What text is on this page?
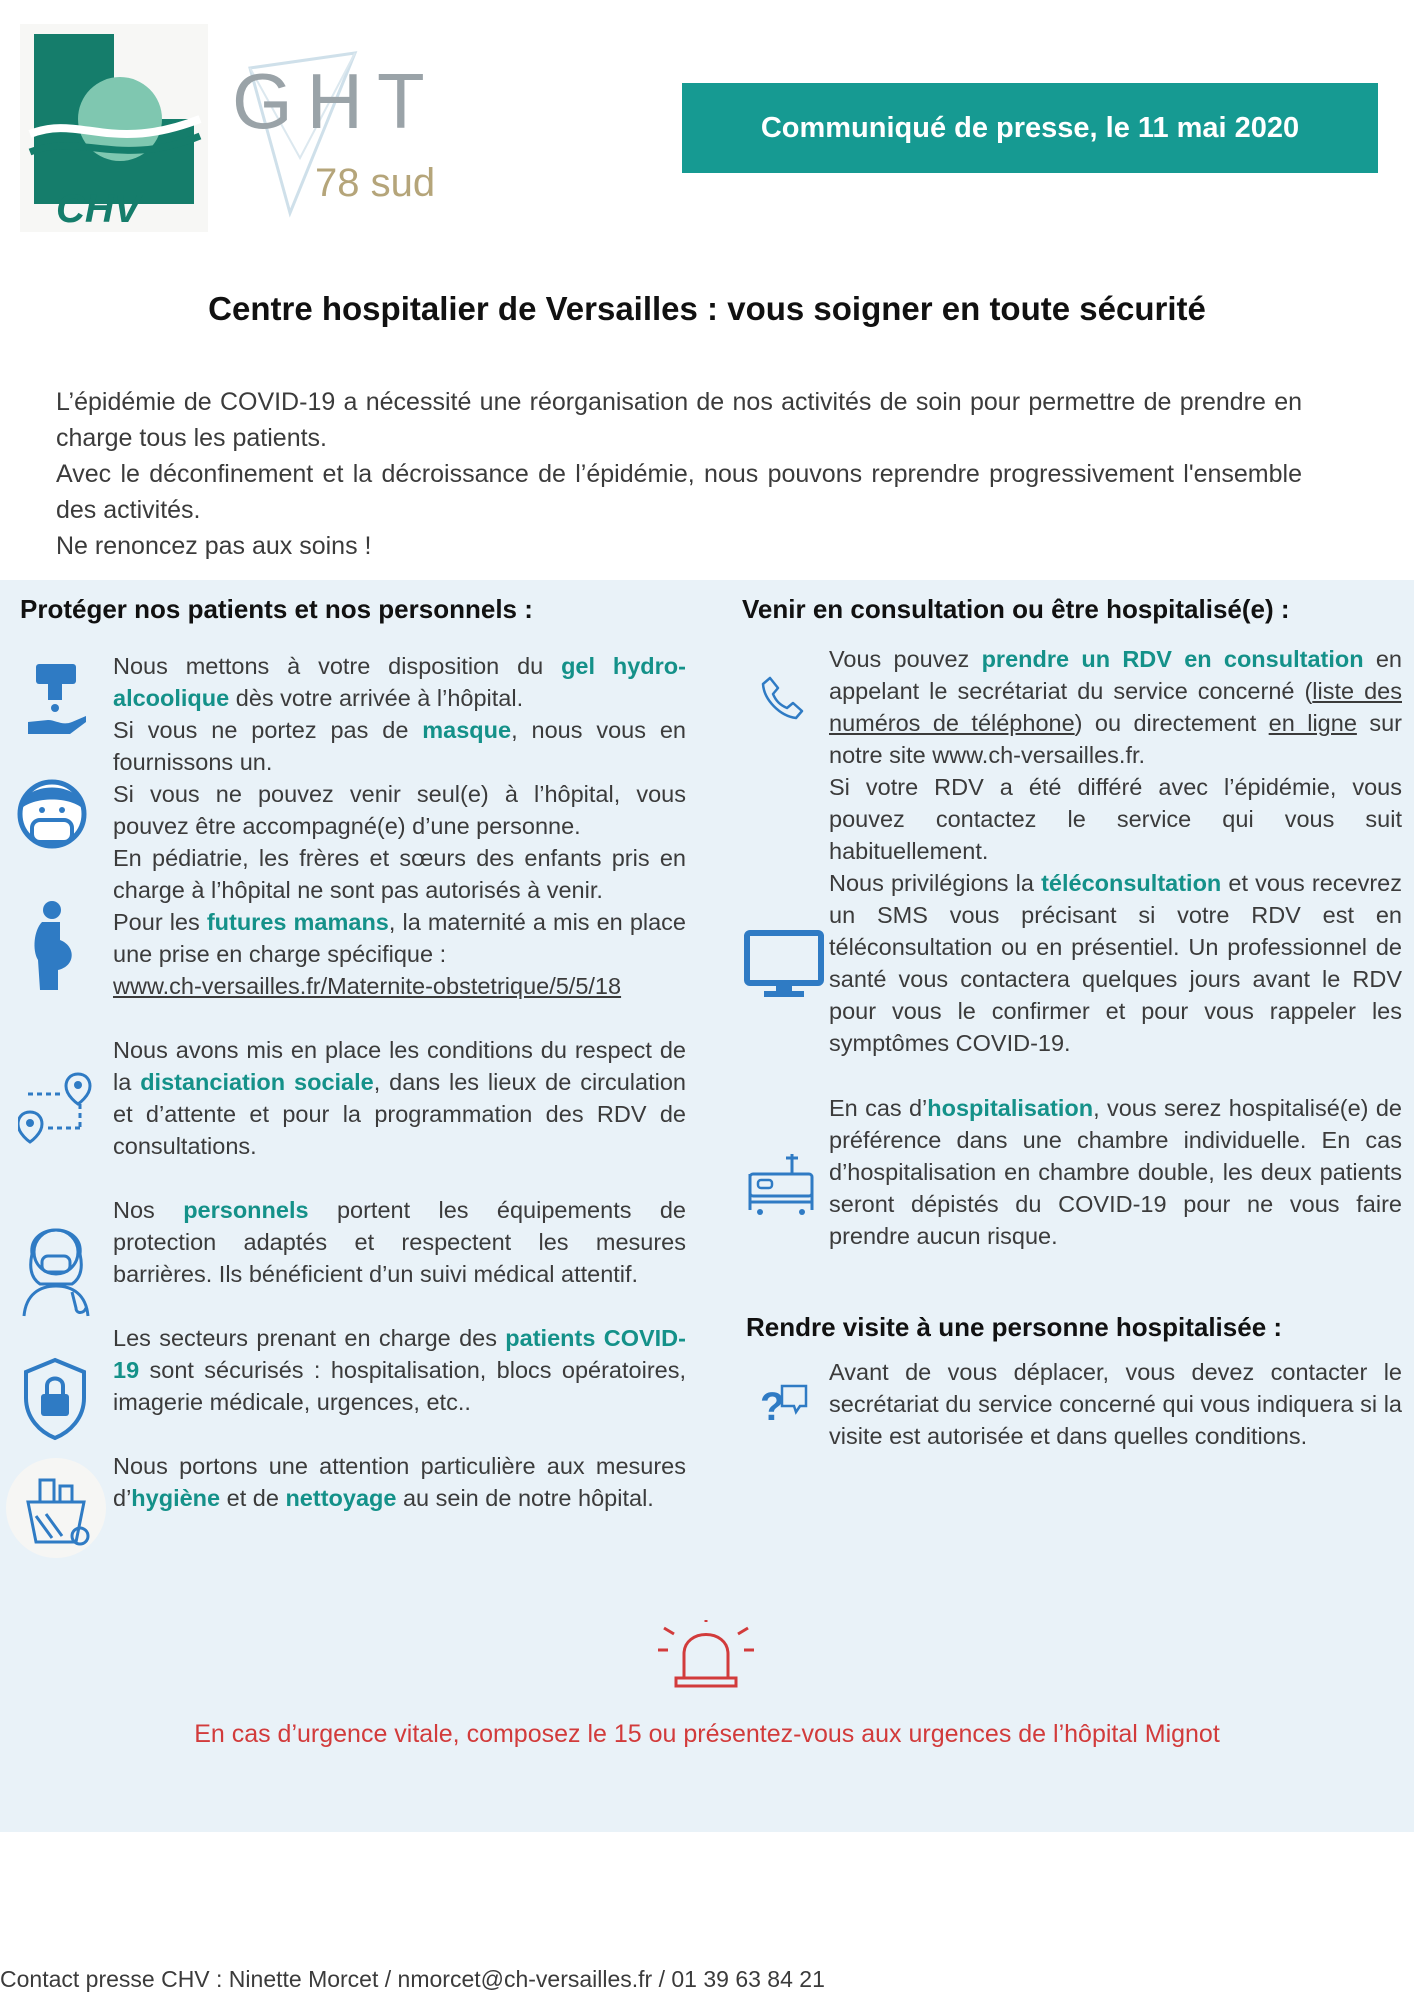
CHV
GHT
78 sud
Communiqué de presse, le 11 mai 2020
Centre hospitalier de Versailles : vous soigner en toute sécurité

L’épidémie de COVID-19 a nécessité une réorganisation de nos activités de soin pour permettre de prendre en charge tous les patients.

Avec le déconfinement et la décroissance de l’épidémie, nous pouvons reprendre progressivement l'ensemble des activités.

Ne renoncez pas aux soins !

Protéger nos patients et nos personnels :

Nous mettons à votre disposition du gel hydro-alcoolique dès votre arrivée à l’hôpital.

Si vous ne portez pas de masque, nous vous en fournissons un.

Si vous ne pouvez venir seul(e) à l’hôpital, vous pouvez être accompagné(e) d’une personne.

En pédiatrie, les frères et sœurs des enfants pris en charge à l’hôpital ne sont pas autorisés à venir.

Pour les futures mamans, la maternité a mis en place une prise en charge spécifique :

www.ch-versailles.fr/Maternite-obstetrique/5/5/18

Nous avons mis en place les conditions du respect de la distanciation sociale, dans les lieux de circulation et d’attente et pour la programmation des RDV de consultations.

Nos personnels portent les équipements de protection adaptés et respectent les mesures barrières. Ils bénéficient d’un suivi médical attentif.

Les secteurs prenant en charge des patients COVID-19 sont sécurisés : hospitalisation, blocs opératoires, imagerie médicale, urgences, etc..

Nous portons une attention particulière aux mesures d’hygiène et de nettoyage au sein de notre hôpital.

Venir en consultation ou être hospitalisé(e) :
?

Vous pouvez prendre un RDV en consultation en appelant le secrétariat du service concerné (liste des numéros de téléphone) ou directement en ligne sur notre site www.ch-versailles.fr.

Si votre RDV a été différé avec l’épidémie, vous pouvez contactez le service qui vous suit habituellement.

Nous privilégions la téléconsultation et vous recevrez un SMS vous précisant si votre RDV est en téléconsultation ou en présentiel. Un professionnel de santé vous contactera quelques jours avant le RDV pour vous le confirmer et pour vous rappeler les symptômes COVID-19.

En cas d’hospitalisation, vous serez hospitalisé(e) de préférence dans une chambre individuelle. En cas d’hospitalisation en chambre double, les deux patients seront dépistés du COVID-19 pour ne vous faire prendre aucun risque.

Rendre visite à une personne hospitalisée :
Avant de vous déplacer, vous devez contacter le secrétariat du service concerné qui vous indiquera si la visite est autorisée et dans quelles conditions.
En cas d’urgence vitale, composez le 15 ou présentez-vous aux urgences de l’hôpital Mignot
Contact presse CHV : Ninette Morcet / nmorcet@ch-versailles.fr / 01 39 63 84 21
